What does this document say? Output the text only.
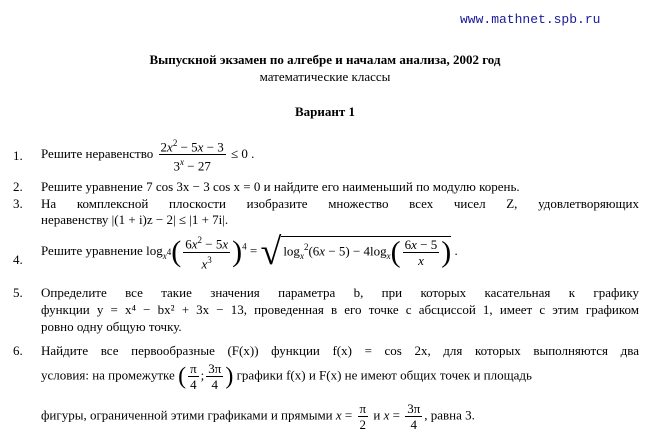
www.mathnet.spb.ru
Выпускной экзамен по алгебре и началам анализа, 2002 год
математические классы
Вариант 1
1. Решите неравенство $\frac{2x^2 - 5x - 3}{3^x - 27} \le 0$ .
2. Решите уравнение 7 cos 3x − 3 cos x = 0 и найдите его наименьший по модулю корень.
3. На комплексной плоскости изобразите множество всех чисел Z, удовлетворяющих
неравенству |(1 + i)z − 2| ≤ |1 + 7i|.
4.
Решите уравнение $\log_{x^4}( \frac{6x^2 - 5x}{x^3} )^4$ = √ $\log_x^2(6x - 5) - 4\log_x( \frac{6x - 5}{x}$ ) .
5. Определите все такие значения параметра b, при которых касательная к графику
функции y = x⁴ − bx² + 3x − 13, проведенная в его точке с абсциссой 1, имеет с этим графиком
ровно одну общую точку.
6. Найдите все первообразные (F(x)) функции f(x) = cos 2x, для которых выполняются два
условия: на промежутке ( $\frac{\pi}{4}$ ; $\frac{3\pi}{4}$ ) графики f(x) и F(x) не имеют общих точек и площадь
фигуры, ограниченной этими графиками и прямыми $x = \frac{\pi}{2}$ и $x = \frac{3\pi}{4}$ , равна 3.
